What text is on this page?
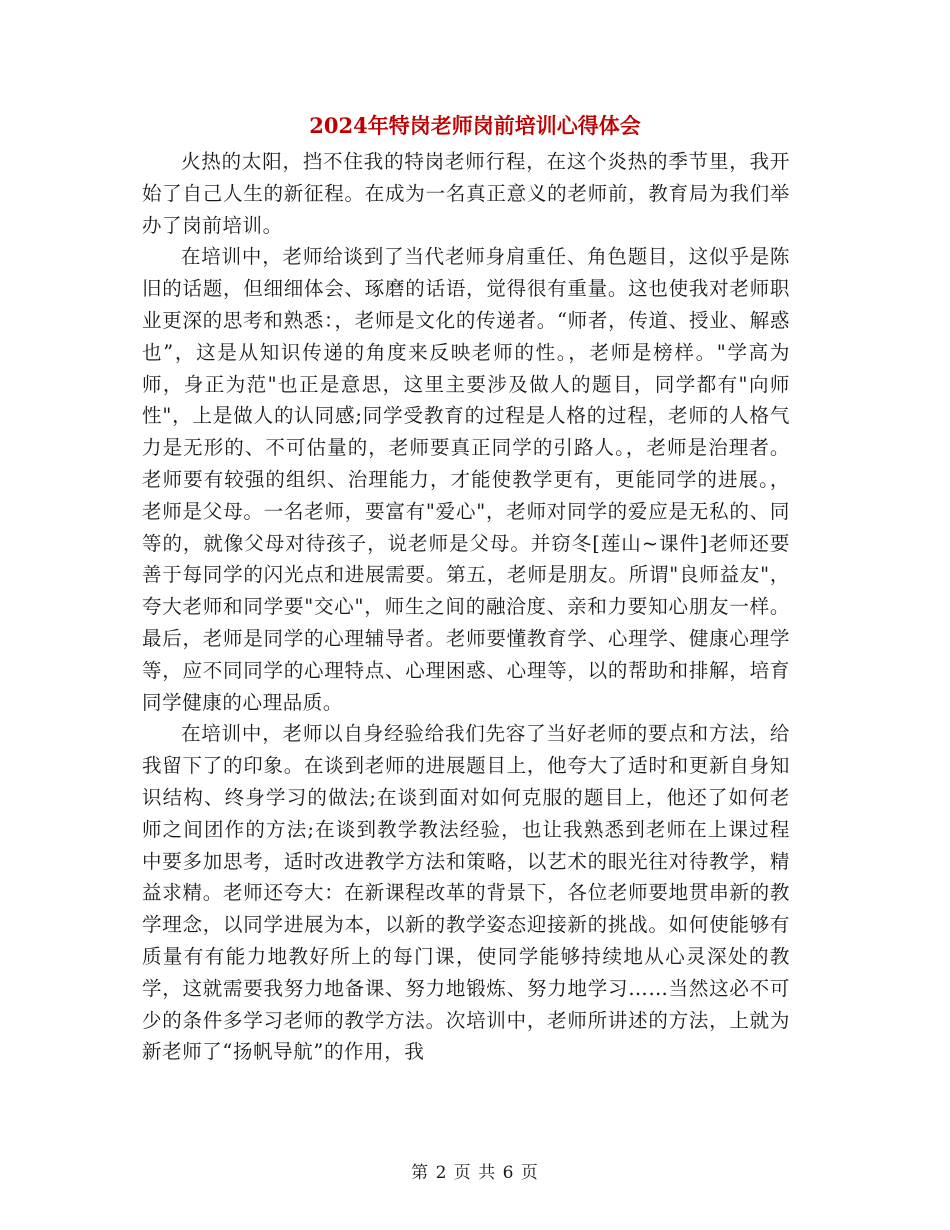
2024年特岗老师岗前培训心得体会

火热的太阳，挡不住我的特岗老师行程，在这个炎热的季节里，我开始了自己人生的新征程。在成为一名真正意义的老师前，教育局为我们举办了岗前培训。

在培训中，老师给谈到了当代老师身肩重任、角色题目，这似乎是陈旧的话题，但细细体会、琢磨的话语，觉得很有重量。这也使我对老师职业更深的思考和熟悉：，老师是文化的传递者。“师者，传道、授业、解惑也”，这是从知识传递的角度来反映老师的性。，老师是榜样。"学高为师，身正为范"也正是意思，这里主要涉及做人的题目，同学都有"向师性"，上是做人的认同感;同学受教育的过程是人格的过程，老师的人格气力是无形的、不可估量的，老师要真正同学的引路人。，老师是治理者。老师要有较强的组织、治理能力，才能使教学更有，更能同学的进展。，老师是父母。一名老师，要富有"爱心"，老师对同学的爱应是无私的、同等的，就像父母对待孩子，说老师是父母。并窃冬[莲山~课件]老师还要善于每同学的闪光点和进展需要。第五，老师是朋友。所谓"良师益友"，夸大老师和同学要"交心"，师生之间的融洽度、亲和力要知心朋友一样。最后，老师是同学的心理辅导者。老师要懂教育学、心理学、健康心理学等，应不同同学的心理特点、心理困惑、心理等，以的帮助和排解，培育同学健康的心理品质。

在培训中，老师以自身经验给我们先容了当好老师的要点和方法，给我留下了的印象。在谈到老师的进展题目上，他夸大了适时和更新自身知识结构、终身学习的做法;在谈到面对如何克服的题目上，他还了如何老师之间团作的方法;在谈到教学教法经验，也让我熟悉到老师在上课过程中要多加思考，适时改进教学方法和策略，以艺术的眼光往对待教学，精益求精。老师还夸大：在新课程改革的背景下，各位老师要地贯串新的教学理念，以同学进展为本，以新的教学姿态迎接新的挑战。如何使能够有质量有有能力地教好所上的每门课，使同学能够持续地从心灵深处的教学，这就需要我努力地备课、努力地锻炼、努力地学习……当然这必不可少的条件多学习老师的教学方法。次培训中，老师所讲述的方法，上就为新老师了“扬帆导航”的作用，我

第 2 页 共 6 页
